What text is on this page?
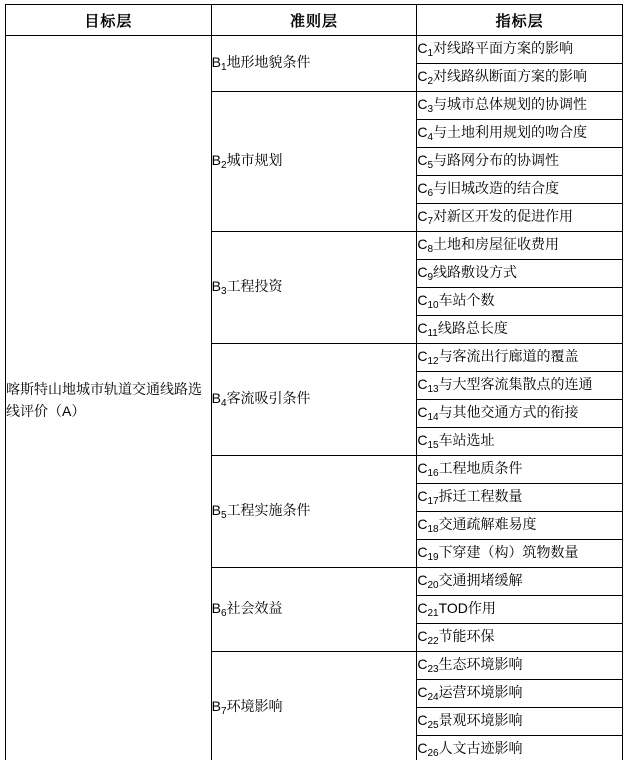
目标层	准则层	指标层

喀斯特山地城市轨道交通线路选线评价（A）	$B_1$地形地貌条件	$C_1$对线路平面方案的影响
		$C_2$对线路纵断面方案的影响
	$B_2$城市规划	$C_3$与城市总体规划的协调性
		$C_4$与土地利用规划的吻合度
		$C_5$与路网分布的协调性
		$C_6$与旧城改造的结合度
		$C_7$对新区开发的促进作用
	$B_3$工程投资	$C_8$土地和房屋征收费用
		$C_9$线路敷设方式
		$C_{10}$车站个数
		$C_{11}$线路总长度
	$B_4$客流吸引条件	$C_{12}$与客流出行廊道的覆盖
		$C_{13}$与大型客流集散点的连通
		$C_{14}$与其他交通方式的衔接
		$C_{15}$车站选址
	$B_5$工程实施条件	$C_{16}$工程地质条件
		$C_{17}$拆迁工程数量
		$C_{18}$交通疏解难易度
		$C_{19}$下穿建（构）筑物数量
	$B_6$社会效益	$C_{20}$交通拥堵缓解
		$C_{21}TOD$作用
		$C_{22}$节能环保
	$B_7$环境影响	$C_{23}$生态环境影响
		$C_{24}$运营环境影响
		$C_{25}$景观环境影响
		$C_{26}$人文古迹影响
